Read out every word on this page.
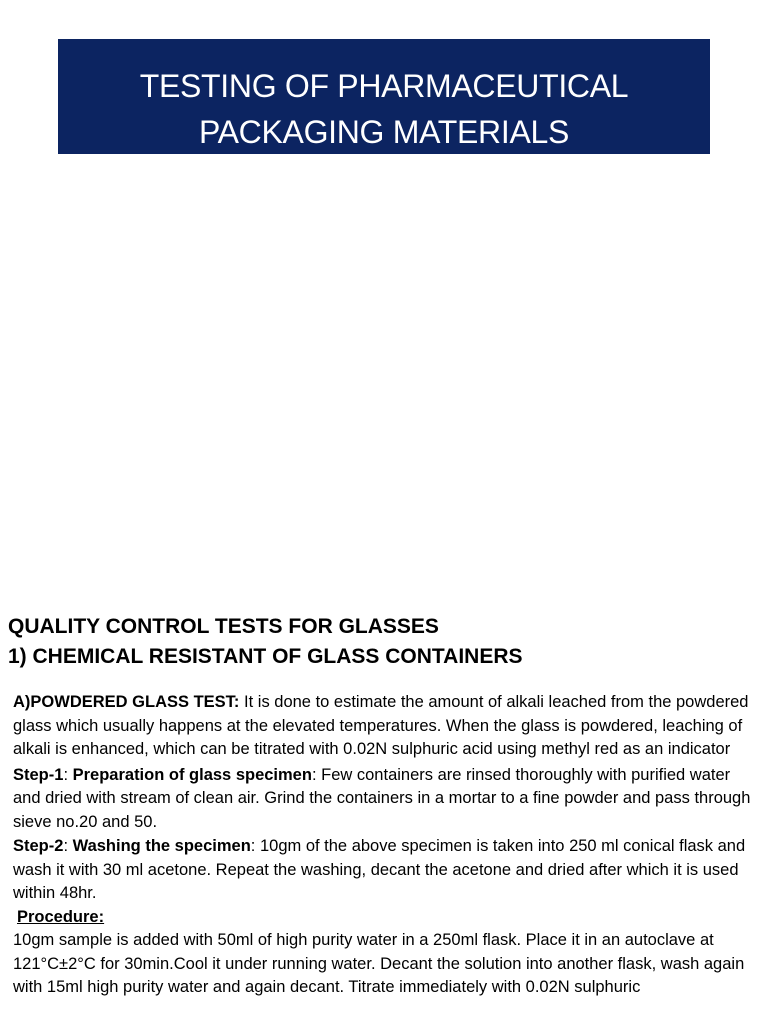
TESTING OF PHARMACEUTICAL
PACKAGING MATERIALS

QUALITY CONTROL TESTS FOR GLASSES

1) CHEMICAL RESISTANT OF GLASS CONTAINERS

A)POWDERED GLASS TEST: It is done to estimate the amount of alkali leached from the powdered glass which usually happens at the elevated temperatures. When the glass is powdered, leaching of alkali is enhanced, which can be titrated with 0.02N sulphuric acid using methyl red as an indicator

Step-1: Preparation of glass specimen: Few containers are rinsed thoroughly with purified water and dried with stream of clean air. Grind the containers in a mortar to a fine powder and pass through sieve no.20 and 50.

Step-2: Washing the specimen: 10gm of the above specimen is taken into 250 ml conical flask and wash it with 30 ml acetone. Repeat the washing, decant the acetone and dried after which it is used within 48hr.

Procedure:

10gm sample is added with 50ml of high purity water in a 250ml flask. Place it in an autoclave at 121°C±2°C for 30min.Cool it under running water. Decant the solution into another flask, wash again with 15ml high purity water and again decant. Titrate immediately with 0.02N sulphuric
